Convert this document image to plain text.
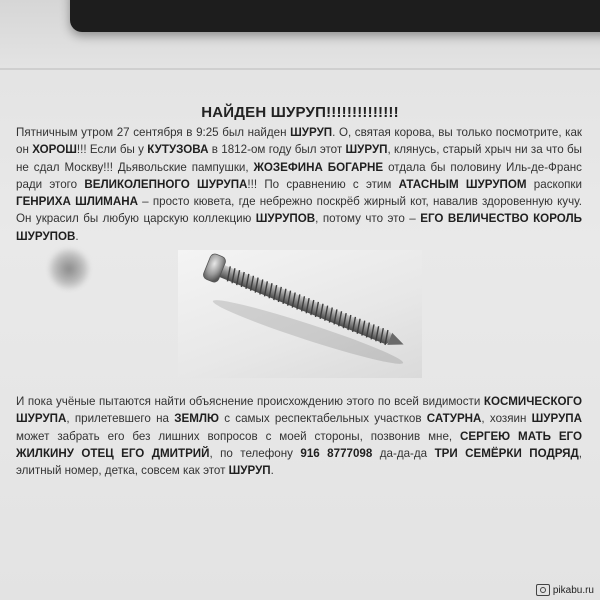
НАЙДЕН ШУРУП!!!!!!!!!!!!!!
Пятничным утром 27 сентября в 9:25 был найден ШУРУП. О, святая корова, вы только посмотрите, как он ХОРОШ!!! Если бы у КУТУЗОВА в 1812-ом году был этот ШУРУП, клянусь, старый хрыч ни за что бы не сдал Москву!!! Дьявольские пампушки, ЖОЗЕФИНА БОГАРНЕ отдала бы половину Иль-де-Франс ради этого ВЕЛИКОЛЕПНОГО ШУРУПА!!! По сравнению с этим АТАСНЫМ ШУРУПОМ раскопки ГЕНРИХА ШЛИМАНА – просто кювета, где небрежно поскрёб жирный кот, навалив здоровенную кучу. Он украсил бы любую царскую коллекцию ШУРУПОВ, потому что это – ЕГО ВЕЛИЧЕСТВО КОРОЛЬ ШУРУПОВ.
И пока учёные пытаются найти объяснение происхождению этого по всей видимости КОСМИЧЕСКОГО ШУРУПА, прилетевшего на ЗЕМЛЮ с самых респектабельных участков САТУРНА, хозяин ШУРУПА может забрать его без лишних вопросов с моей стороны, позвонив мне, СЕРГЕЮ МАТЬ ЕГО ЖИЛКИНУ ОТЕЦ ЕГО ДМИТРИЙ, по телефону 916 8777098 да-да-да ТРИ СЕМЁРКИ ПОДРЯД, элитный номер, детка, совсем как этот ШУРУП.
pikabu.ru
